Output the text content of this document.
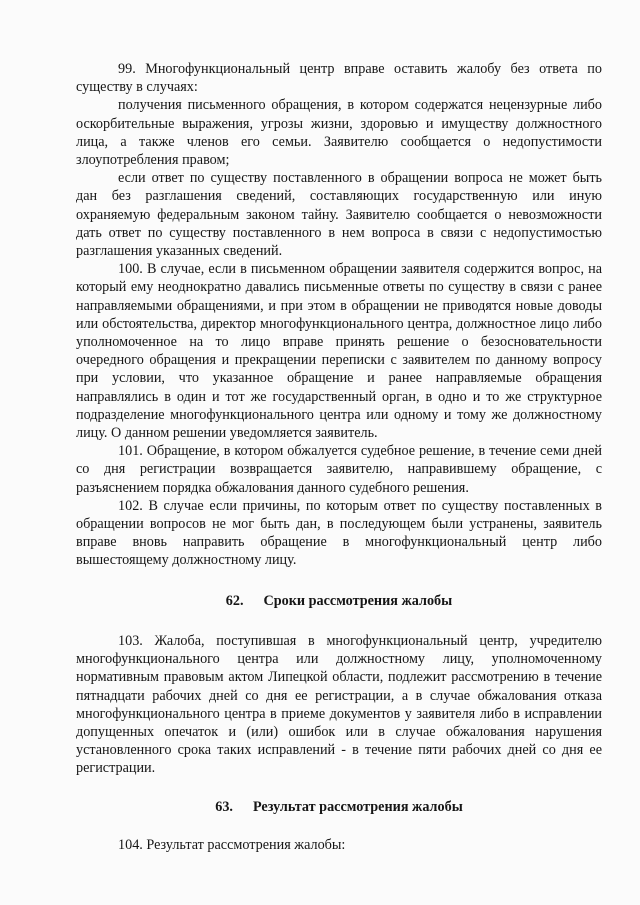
99. Многофункциональный центр вправе оставить жалобу без ответа по существу в случаях:

получения письменного обращения, в котором содержатся нецензурные либо оскорбительные выражения, угрозы жизни, здоровью и имуществу должностного лица, а также членов его семьи. Заявителю сообщается о недопустимости злоупотребления правом;

если ответ по существу поставленного в обращении вопроса не может быть дан без разглашения сведений, составляющих государственную или иную охраняемую федеральным законом тайну. Заявителю сообщается о невозможности дать ответ по существу поставленного в нем вопроса в связи с недопустимостью разглашения указанных сведений.

100. В случае, если в письменном обращении заявителя содержится вопрос, на который ему неоднократно давались письменные ответы по существу в связи с ранее направляемыми обращениями, и при этом в обращении не приводятся новые доводы или обстоятельства, директор многофункционального центра, должностное лицо либо уполномоченное на то лицо вправе принять решение о безосновательности очередного обращения и прекращении переписки с заявителем по данному вопросу при условии, что указанное обращение и ранее направляемые обращения направлялись в один и тот же государственный орган, в одно и то же структурное подразделение многофункционального центра или одному и тому же должностному лицу. О данном решении уведомляется заявитель.

101. Обращение, в котором обжалуется судебное решение, в течение семи дней со дня регистрации возвращается заявителю, направившему обращение, с разъяснением порядка обжалования данного судебного решения.

102. В случае если причины, по которым ответ по существу поставленных в обращении вопросов не мог быть дан, в последующем были устранены, заявитель вправе вновь направить обращение в многофункциональный центр либо вышестоящему должностному лицу.

62. Сроки рассмотрения жалобы

103. Жалоба, поступившая в многофункциональный центр, учредителю многофункционального центра или должностному лицу, уполномоченному нормативным правовым актом Липецкой области, подлежит рассмотрению в течение пятнадцати рабочих дней со дня ее регистрации, а в случае обжалования отказа многофункционального центра в приеме документов у заявителя либо в исправлении допущенных опечаток и (или) ошибок или в случае обжалования нарушения установленного срока таких исправлений - в течение пяти рабочих дней со дня ее регистрации.

63. Результат рассмотрения жалобы

104. Результат рассмотрения жалобы:
